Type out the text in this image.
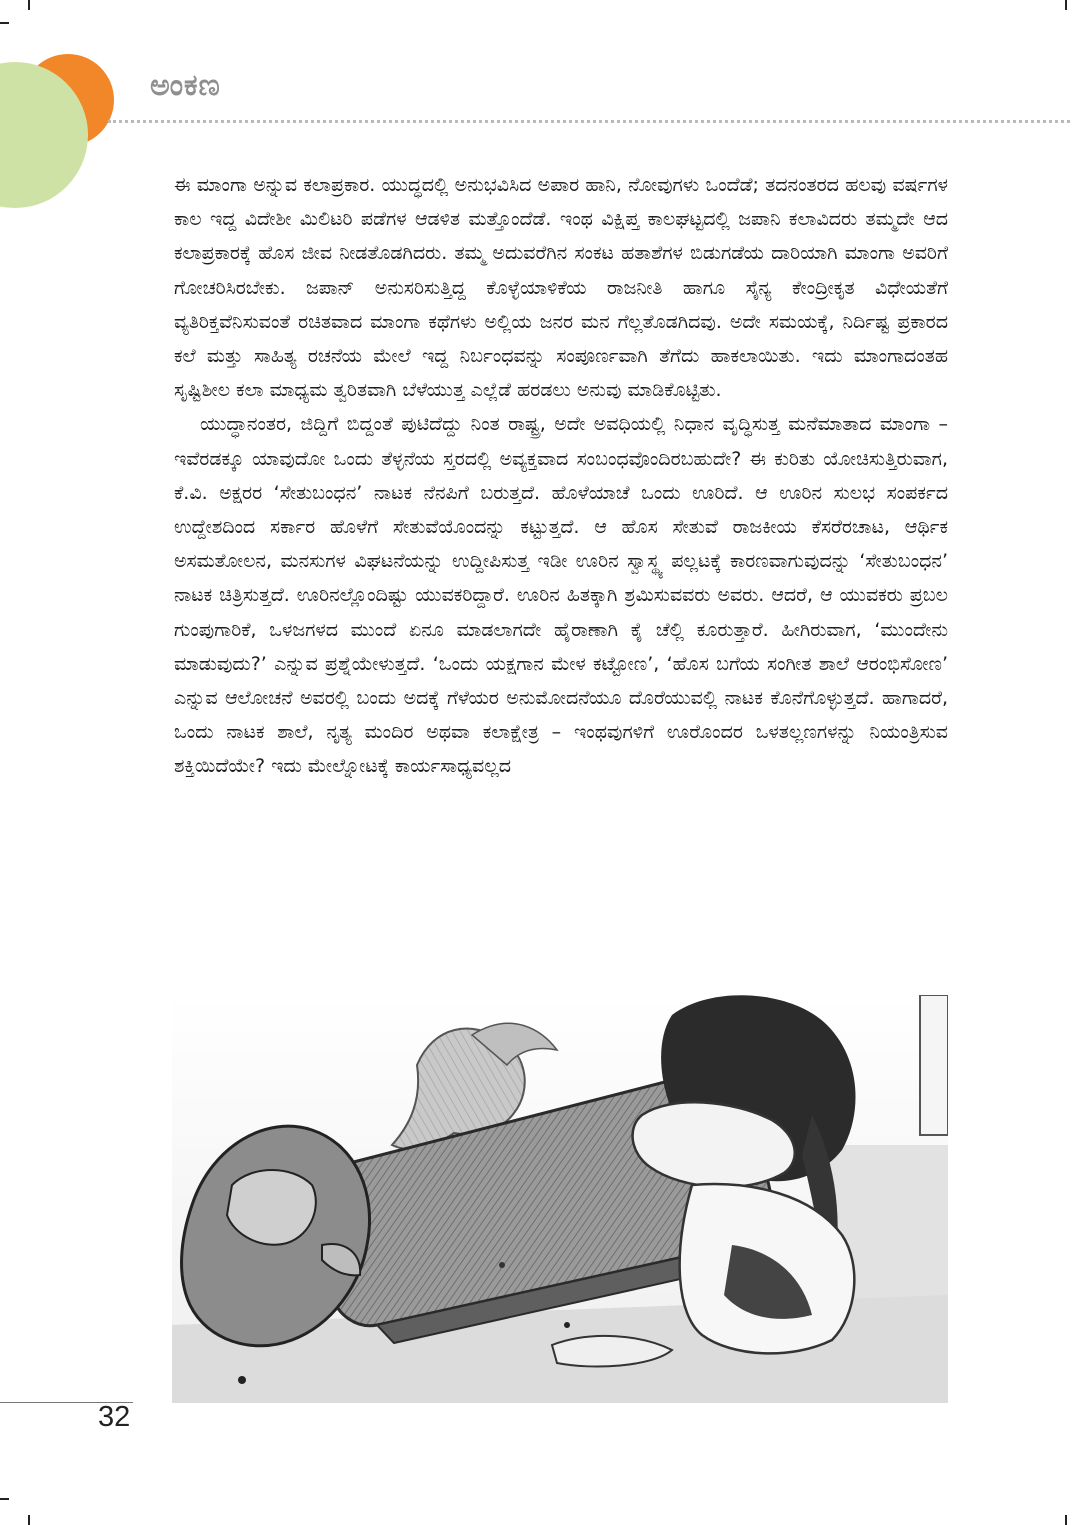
ಅಂಕಣ

ಈ ಮಾಂಗಾ ಅನ್ನುವ ಕಲಾಪ್ರಕಾರ. ಯುದ್ಧದಲ್ಲಿ ಅನುಭವಿಸಿದ ಅಪಾರ ಹಾನಿ, ನೋವುಗಳು ಒಂದೆಡೆ; ತದನಂತರದ ಹಲವು ವರ್ಷಗಳ ಕಾಲ ಇದ್ದ ವಿದೇಶೀ ಮಿಲಿಟರಿ ಪಡೆಗಳ ಆಡಳಿತ ಮತ್ತೊಂದೆಡೆ. ಇಂಥ ವಿಕ್ಷಿಪ್ತ ಕಾಲಘಟ್ಟದಲ್ಲಿ ಜಪಾನಿ ಕಲಾವಿದರು ತಮ್ಮದೇ ಆದ ಕಲಾಪ್ರಕಾರಕ್ಕೆ ಹೊಸ ಜೀವ ನೀಡತೊಡಗಿದರು. ತಮ್ಮ ಅದುವರೆಗಿನ ಸಂಕಟ ಹತಾಶೆಗಳ ಬಿಡುಗಡೆಯ ದಾರಿಯಾಗಿ ಮಾಂಗಾ ಅವರಿಗೆ ಗೋಚರಿಸಿರಬೇಕು. ಜಪಾನ್ ಅನುಸರಿಸುತ್ತಿದ್ದ ಕೊಳ್ಳೆಯಾಳಿಕೆಯ ರಾಜನೀತಿ ಹಾಗೂ ಸೈನ್ಯ ಕೇಂದ್ರೀಕೃತ ವಿಧೇಯತೆಗೆ ವ್ಯತಿರಿಕ್ತವೆನಿಸುವಂತೆ ರಚಿತವಾದ ಮಾಂಗಾ ಕಥೆಗಳು ಅಲ್ಲಿಯ ಜನರ ಮನ ಗೆಲ್ಲತೊಡಗಿದವು. ಅದೇ ಸಮಯಕ್ಕೆ, ನಿರ್ದಿಷ್ಟ ಪ್ರಕಾರದ ಕಲೆ ಮತ್ತು ಸಾಹಿತ್ಯ ರಚನೆಯ ಮೇಲೆ ಇದ್ದ ನಿರ್ಬಂಧವನ್ನು ಸಂಪೂರ್ಣವಾಗಿ ತೆಗೆದು ಹಾಕಲಾಯಿತು. ಇದು ಮಾಂಗಾದಂತಹ ಸೃಷ್ಟಿಶೀಲ ಕಲಾ ಮಾಧ್ಯಮ ತ್ವರಿತವಾಗಿ ಬೆಳೆಯುತ್ತ ಎಲ್ಲೆಡೆ ಹರಡಲು ಅನುವು ಮಾಡಿಕೊಟ್ಟಿತು.

ಯುದ್ಧಾನಂತರ, ಜಿದ್ದಿಗೆ ಬಿದ್ದಂತೆ ಪುಟಿದೆದ್ದು ನಿಂತ ರಾಷ್ಟ್ರ, ಅದೇ ಅವಧಿಯಲ್ಲಿ ನಿಧಾನ ವೃದ್ಧಿಸುತ್ತ ಮನೆಮಾತಾದ ಮಾಂಗಾ – ಇವೆರಡಕ್ಕೂ ಯಾವುದೋ ಒಂದು ತೆಳ್ಳನೆಯ ಸ್ತರದಲ್ಲಿ ಅವ್ಯಕ್ತವಾದ ಸಂಬಂಧವೊಂದಿರಬಹುದೇ? ಈ ಕುರಿತು ಯೋಚಿಸುತ್ತಿರುವಾಗ, ಕೆ.ವಿ. ಅಕ್ಷರರ ‘ಸೇತುಬಂಧನ’ ನಾಟಕ ನೆನಪಿಗೆ ಬರುತ್ತದೆ. ಹೊಳೆಯಾಚೆ ಒಂದು ಊರಿದೆ. ಆ ಊರಿನ ಸುಲಭ ಸಂಪರ್ಕದ ಉದ್ದೇಶದಿಂದ ಸರ್ಕಾರ ಹೊಳೆಗೆ ಸೇತುವೆಯೊಂದನ್ನು ಕಟ್ಟುತ್ತದೆ. ಆ ಹೊಸ ಸೇತುವೆ ರಾಜಕೀಯ ಕೆಸರೆರಚಾಟ, ಆರ್ಥಿಕ ಅಸಮತೋಲನ, ಮನಸುಗಳ ವಿಘಟನೆಯನ್ನು ಉದ್ದೀಪಿಸುತ್ತ ಇಡೀ ಊರಿನ ಸ್ವಾಸ್ಥ್ಯ ಪಲ್ಲಟಕ್ಕೆ ಕಾರಣವಾಗುವುದನ್ನು ‘ಸೇತುಬಂಧನ’ ನಾಟಕ ಚಿತ್ರಿಸುತ್ತದೆ. ಊರಿನಲ್ಲೊಂದಿಷ್ಟು ಯುವಕರಿದ್ದಾರೆ. ಊರಿನ ಹಿತಕ್ಕಾಗಿ ಶ್ರಮಿಸುವವರು ಅವರು. ಆದರೆ, ಆ ಯುವಕರು ಪ್ರಬಲ ಗುಂಪುಗಾರಿಕೆ, ಒಳಜಗಳದ ಮುಂದೆ ಏನೂ ಮಾಡಲಾಗದೇ ಹೈರಾಣಾಗಿ ಕೈ ಚೆಲ್ಲಿ ಕೂರುತ್ತಾರೆ. ಹೀಗಿರುವಾಗ, ‘ಮುಂದೇನು ಮಾಡುವುದು?’ ಎನ್ನುವ ಪ್ರಶ್ನೆಯೇಳುತ್ತದೆ. ‘ಒಂದು ಯಕ್ಷಗಾನ ಮೇಳ ಕಟ್ಟೋಣ’, ‘ಹೊಸ ಬಗೆಯ ಸಂಗೀತ ಶಾಲೆ ಆರಂಭಿಸೋಣ’ ಎನ್ನುವ ಆಲೋಚನೆ ಅವರಲ್ಲಿ ಬಂದು ಅದಕ್ಕೆ ಗೆಳೆಯರ ಅನುಮೋದನೆಯೂ ದೊರೆಯುವಲ್ಲಿ ನಾಟಕ ಕೊನೆಗೊಳ್ಳುತ್ತದೆ. ಹಾಗಾದರೆ, ಒಂದು ನಾಟಕ ಶಾಲೆ, ನೃತ್ಯ ಮಂದಿರ ಅಥವಾ ಕಲಾಕ್ಷೇತ್ರ – ಇಂಥವುಗಳಿಗೆ ಊರೊಂದರ ಒಳತಲ್ಲಣಗಳನ್ನು ನಿಯಂತ್ರಿಸುವ ಶಕ್ತಿಯಿದೆಯೇ? ಇದು ಮೇಲ್ನೋಟಕ್ಕೆ ಕಾರ್ಯಸಾಧ್ಯವಲ್ಲದ

32
